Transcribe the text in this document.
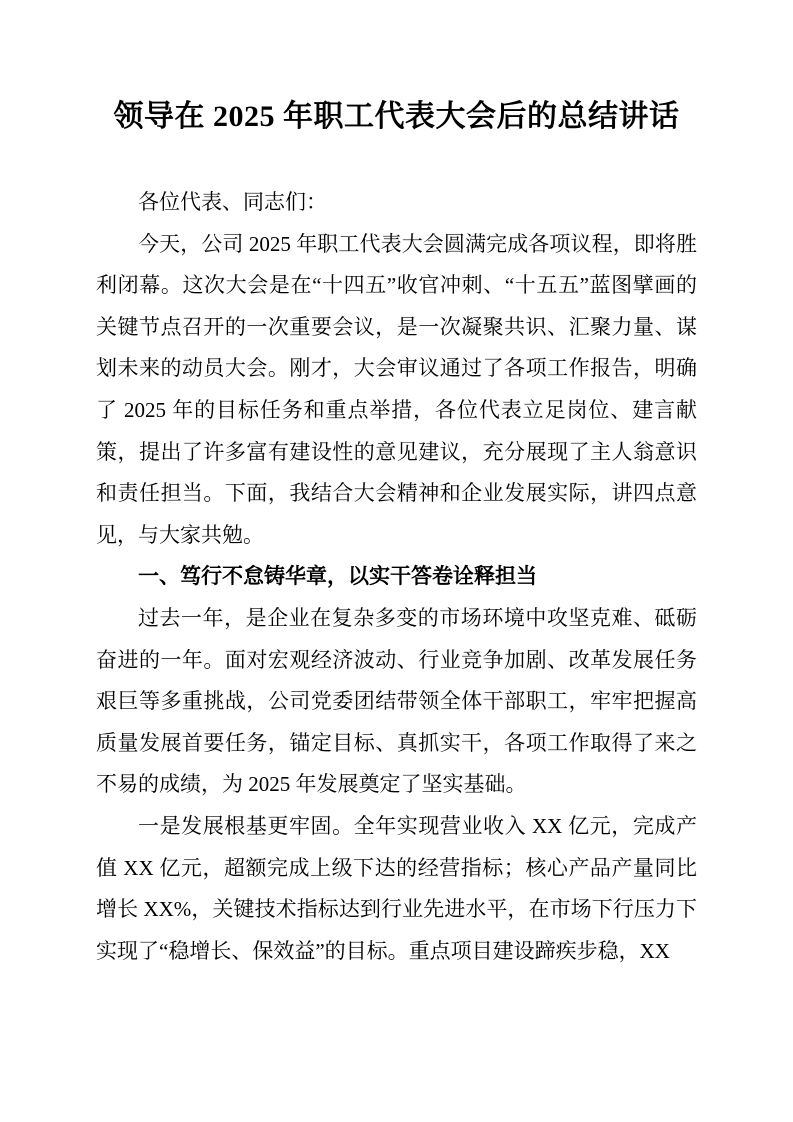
领导在 2025 年职工代表大会后的总结讲话

各位代表、同志们：

今天，公司 2025 年职工代表大会圆满完成各项议程，即将胜利闭幕。这次大会是在“十四五”收官冲刺、“十五五”蓝图擘画的关键节点召开的一次重要会议，是一次凝聚共识、汇聚力量、谋划未来的动员大会。刚才，大会审议通过了各项工作报告，明确了 2025 年的目标任务和重点举措，各位代表立足岗位、建言献策，提出了许多富有建设性的意见建议，充分展现了主人翁意识和责任担当。下面，我结合大会精神和企业发展实际，讲四点意见，与大家共勉。

一、笃行不怠铸华章，以实干答卷诠释担当

过去一年，是企业在复杂多变的市场环境中攻坚克难、砥砺奋进的一年。面对宏观经济波动、行业竞争加剧、改革发展任务艰巨等多重挑战，公司党委团结带领全体干部职工，牢牢把握高质量发展首要任务，锚定目标、真抓实干，各项工作取得了来之不易的成绩，为 2025 年发展奠定了坚实基础。

一是发展根基更牢固。全年实现营业收入 XX 亿元，完成产值 XX 亿元，超额完成上级下达的经营指标；核心产品产量同比增长 XX%，关键技术指标达到行业先进水平，在市场下行压力下实现了“稳增长、保效益”的目标。重点项目建设蹄疾步稳，XX
